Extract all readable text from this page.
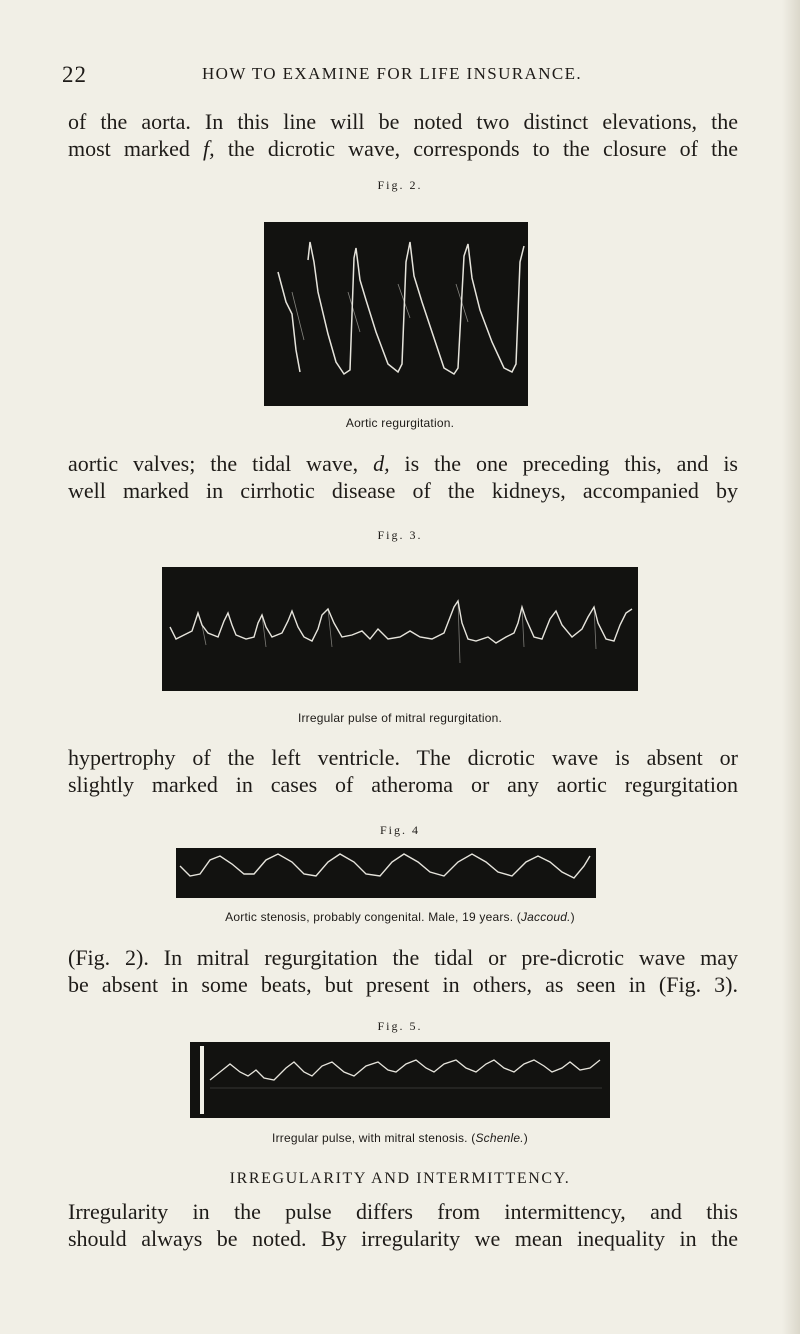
22	HOW TO EXAMINE FOR LIFE INSURANCE.

of the aorta. In this line will be noted two distinct elevations, the

most marked f, the dicrotic wave, corresponds to the closure of the

Fig. 2.
Aortic regurgitation.

aortic valves; the tidal wave, d, is the one preceding this, and is

well marked in cirrhotic disease of the kidneys, accompanied by

Fig. 3.
Irregular pulse of mitral regurgitation.

hypertrophy of the left ventricle. The dicrotic wave is absent or

slightly marked in cases of atheroma or any aortic regurgitation

Fig. 4
Aortic stenosis, probably congenital. Male, 19 years. (Jaccoud.)

(Fig. 2). In mitral regurgitation the tidal or pre-dicrotic wave may

be absent in some beats, but present in others, as seen in (Fig. 3).

Fig. 5.
Irregular pulse, with mitral stenosis. (Schenle.)
IRREGULARITY AND INTERMITTENCY.

Irregularity in the pulse differs from intermittency, and this

should always be noted. By irregularity we mean inequality in the
